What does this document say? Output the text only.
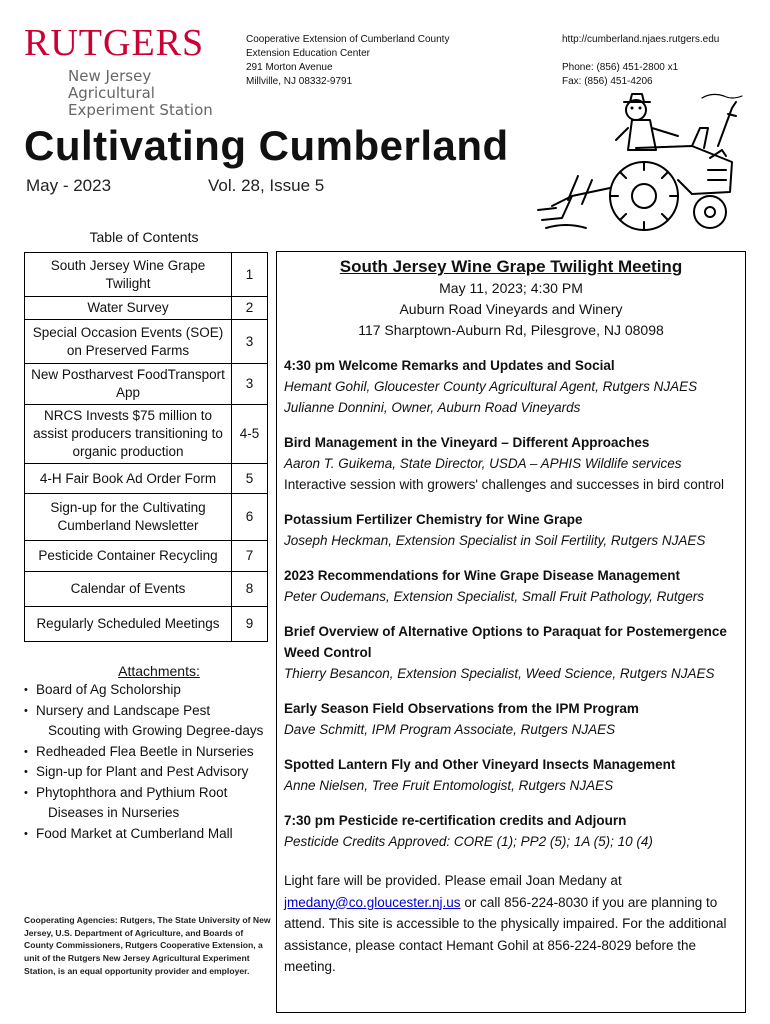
RUTGERS
New Jersey Agricultural
Experiment Station
Cooperative Extension of Cumberland County
Extension Education Center
291 Morton Avenue
Millville, NJ 08332-9791
http://cumberland.njaes.rutgers.edu
Phone: (856) 451-2800 x1
Fax: (856) 451-4206
Cultivating Cumberland
May - 2023	Vol. 28, Issue 5
Table of Contents
South Jersey Wine Grape Twilight	1
Water Survey	2
Special Occasion Events (SOE) on Preserved Farms	3
New Postharvest FoodTransport App	3
NRCS Invests $75 million to assist producers transitioning to organic production	4-5
4-H Fair Book Ad Order Form	5
Sign-up for the Cultivating Cumberland Newsletter	6
Pesticide Container Recycling	7
Calendar of Events	8
Regularly Scheduled Meetings	9
Attachments:
• Board of Ag Scholorship
• Nursery and Landscape Pest
Scouting with Growing Degree-days
• Redheaded Flea Beetle in Nurseries
• Sign-up for Plant and Pest Advisory
• Phytophthora and Pythium Root
Diseases in Nurseries
• Food Market at Cumberland Mall
Cooperating Agencies: Rutgers, The State University of New Jersey, U.S. Department of Agriculture, and Boards of County Commissioners, Rutgers Cooperative Extension, a unit of the Rutgers New Jersey Agricultural Experiment Station, is an equal opportunity provider and employer.
South Jersey Wine Grape Twilight Meeting
May 11, 2023; 4:30 PM
Auburn Road Vineyards and Winery
117 Sharptown-Auburn Rd, Pilesgrove, NJ 08098
4:30 pm Welcome Remarks and Updates and Social
Hemant Gohil, Gloucester County Agricultural Agent, Rutgers NJAES
Julianne Donnini, Owner, Auburn Road Vineyards
Bird Management in the Vineyard – Different Approaches
Aaron T. Guikema, State Director, USDA – APHIS Wildlife services
Interactive session with growers' challenges and successes in bird control
Potassium Fertilizer Chemistry for Wine Grape
Joseph Heckman, Extension Specialist in Soil Fertility, Rutgers NJAES
2023 Recommendations for Wine Grape Disease Management
Peter Oudemans, Extension Specialist, Small Fruit Pathology, Rutgers
Brief Overview of Alternative Options to Paraquat for Postemergence Weed Control
Thierry Besancon, Extension Specialist, Weed Science, Rutgers NJAES
Early Season Field Observations from the IPM Program
Dave Schmitt, IPM Program Associate, Rutgers NJAES
Spotted Lantern Fly and Other Vineyard Insects Management
Anne Nielsen, Tree Fruit Entomologist, Rutgers NJAES
7:30 pm Pesticide re-certification credits and Adjourn
Pesticide Credits Approved: CORE (1); PP2 (5); 1A (5); 10 (4)
Light fare will be provided. Please email Joan Medany at jmedany@co.gloucester.nj.us or call 856-224-8030 if you are planning to attend. This site is accessible to the physically impaired. For the additional assistance, please contact Hemant Gohil at 856-224-8029 before the meeting.
